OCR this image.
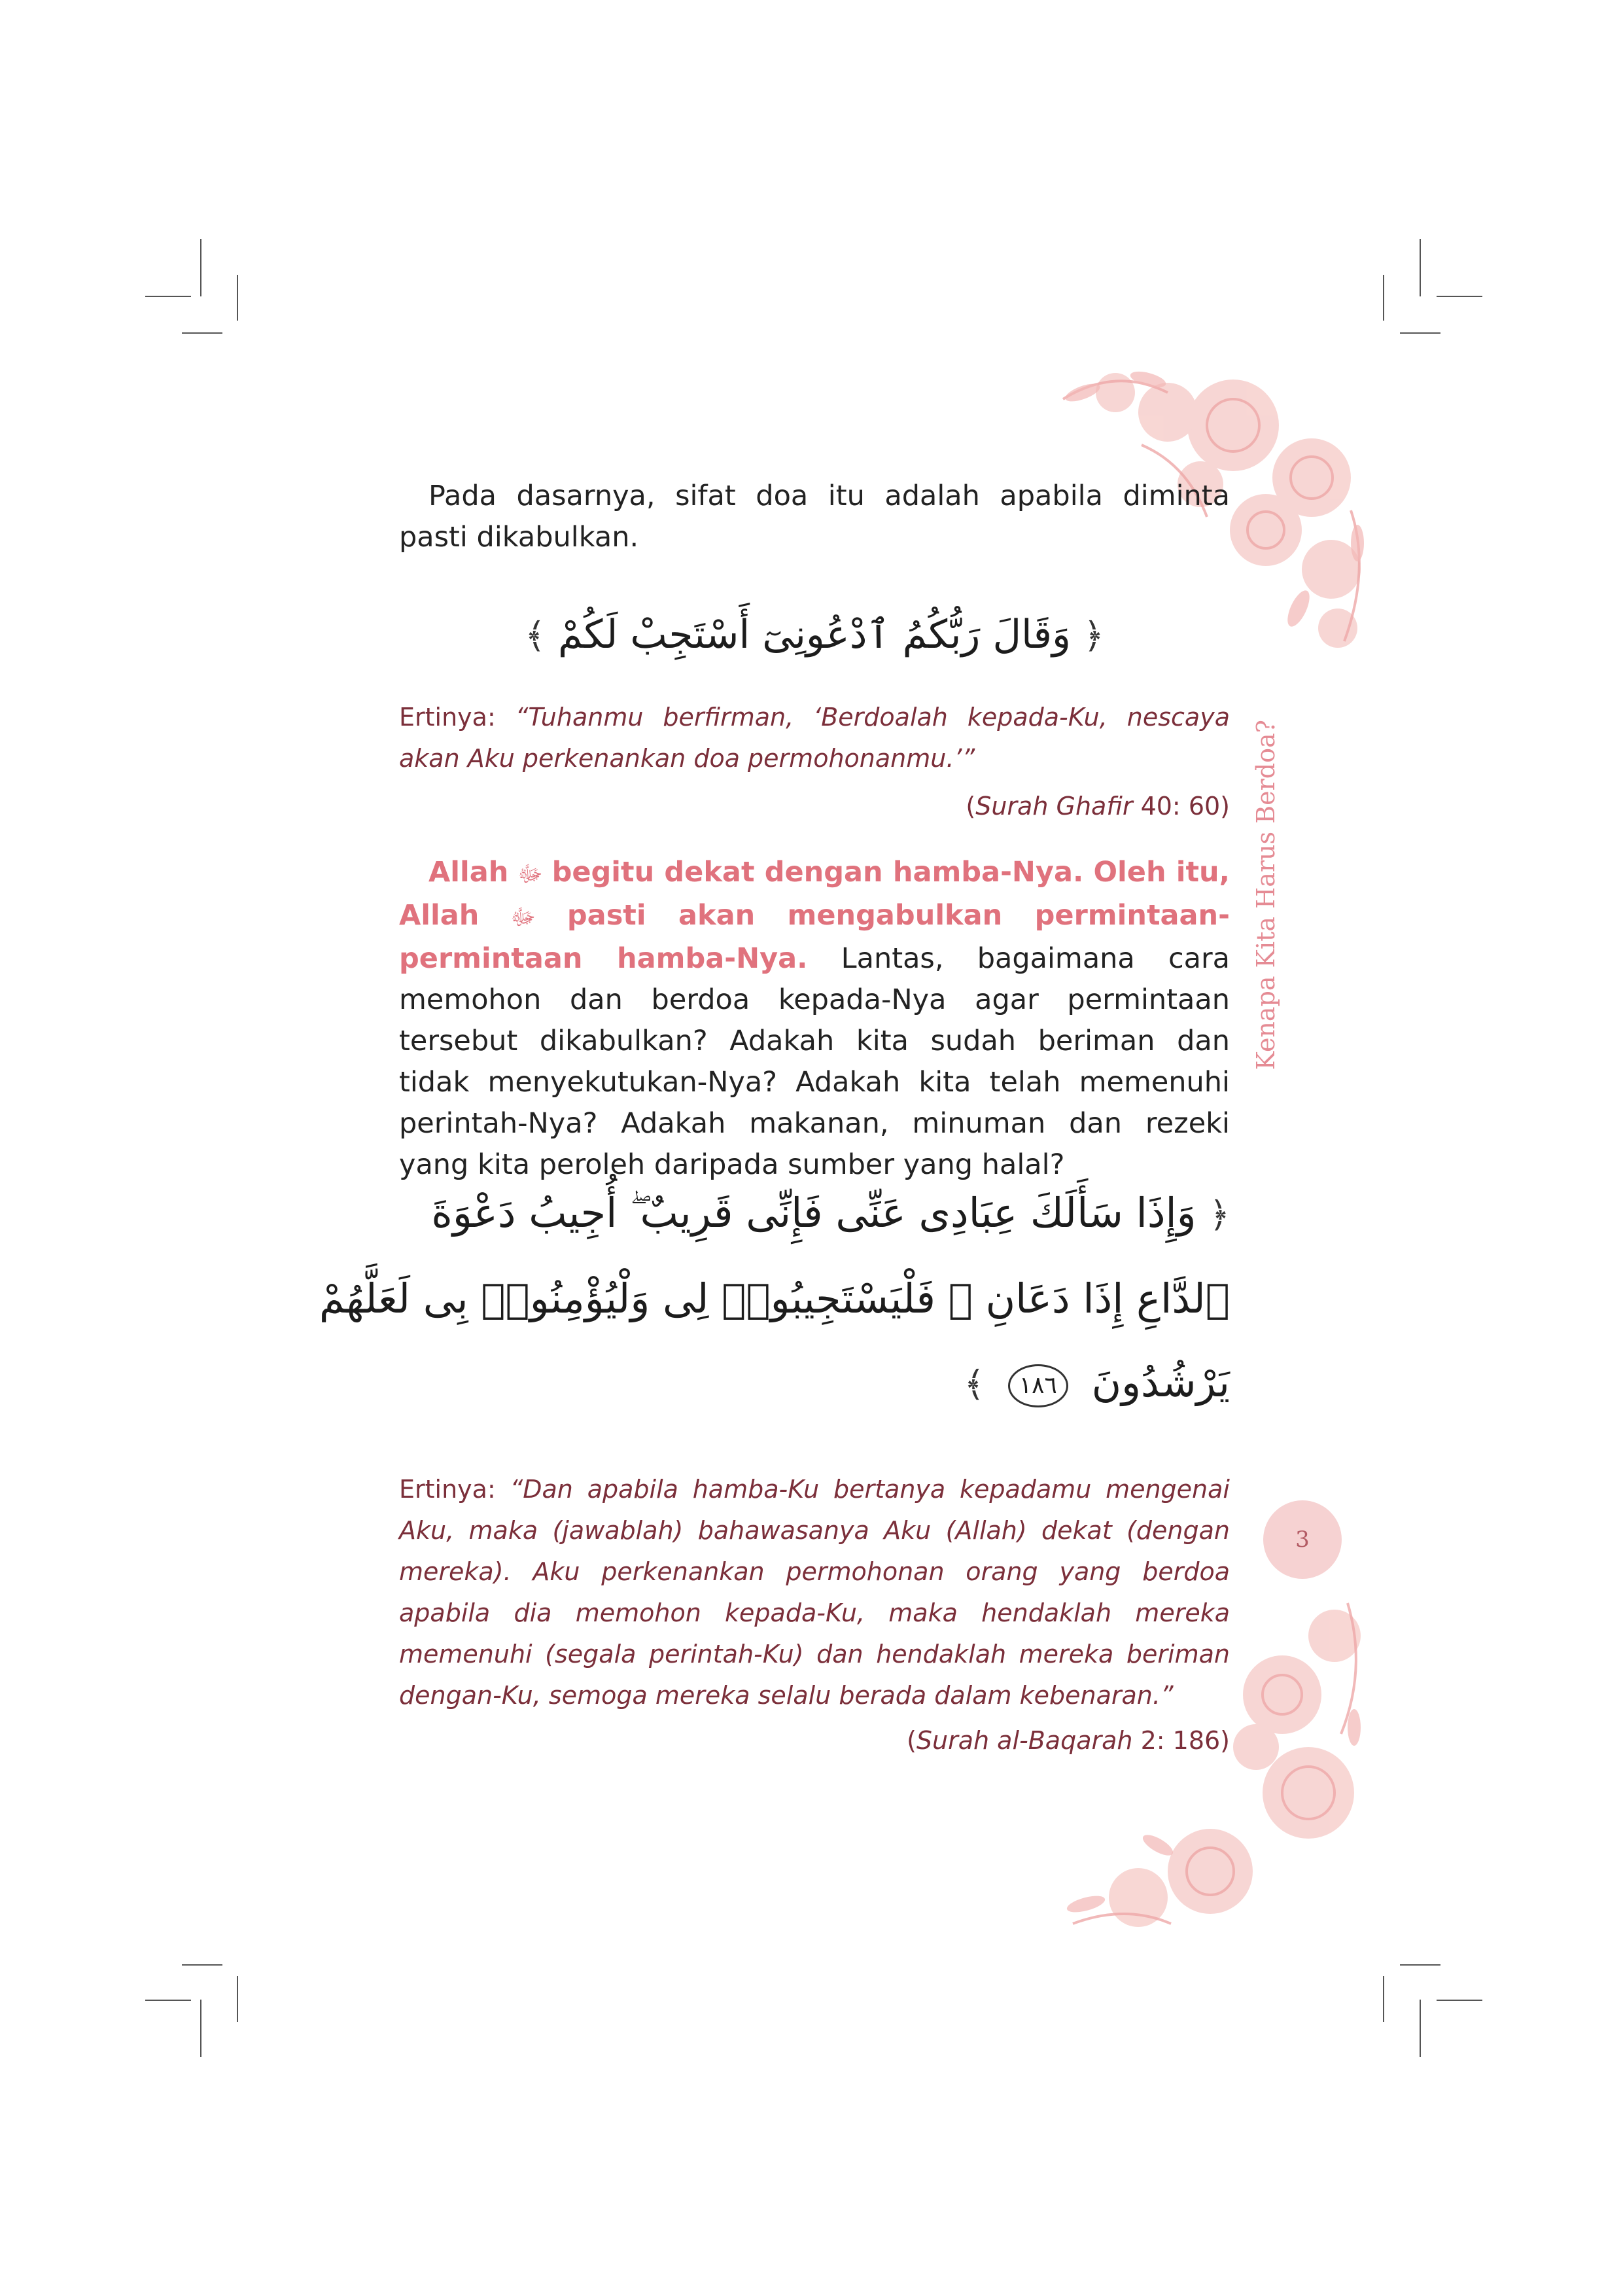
Pada dasarnya, sifat doa itu adalah apabila diminta pasti dikabulkan.

﴿ وَقَالَ رَبُّكُمُ ٱدْعُونِىٓ أَسْتَجِبْ لَكُمْ ﴾

Ertinya: “Tuhanmu berfirman, ‘Berdoalah kepada-Ku, nescaya akan Aku perkenankan doa permohonanmu.’”

(Surah Ghafir 40: 60)

Allah ﷻ begitu dekat dengan hamba-Nya. Oleh itu, Allah ﷻ pasti akan mengabulkan permintaan-permintaan hamba-Nya. Lantas, bagaimana cara memohon dan berdoa kepada-Nya agar permintaan tersebut dikabulkan? Adakah kita sudah beriman dan tidak menyekutukan-Nya? Adakah kita telah memenuhi perintah-Nya? Adakah makanan, minuman dan rezeki yang kita peroleh daripada sumber yang halal?

﴿ وَإِذَا سَأَلَكَ عِبَادِى عَنِّى فَإِنِّى قَرِيبٌ ۖ أُجِيبُ دَعْوَةَ
ٱلدَّاعِ إِذَا دَعَانِ ۖ فَلْيَسْتَجِيبُوا۟ لِى وَلْيُؤْمِنُوا۟ بِى لَعَلَّهُمْ
يَرْشُدُونَ ١٨٦ ﴾

Ertinya: “Dan apabila hamba-Ku bertanya kepadamu mengenai Aku, maka (jawablah) bahawasanya Aku (Allah) dekat (dengan mereka). Aku perkenankan permohonan orang yang berdoa apabila dia memohon kepada-Ku, maka hendaklah mereka memenuhi (segala perintah-Ku) dan hendaklah mereka beriman dengan-Ku, semoga mereka selalu berada dalam kebenaran.”

(Surah al-Baqarah 2: 186)

Kenapa Kita Harus Berdoa?
3
